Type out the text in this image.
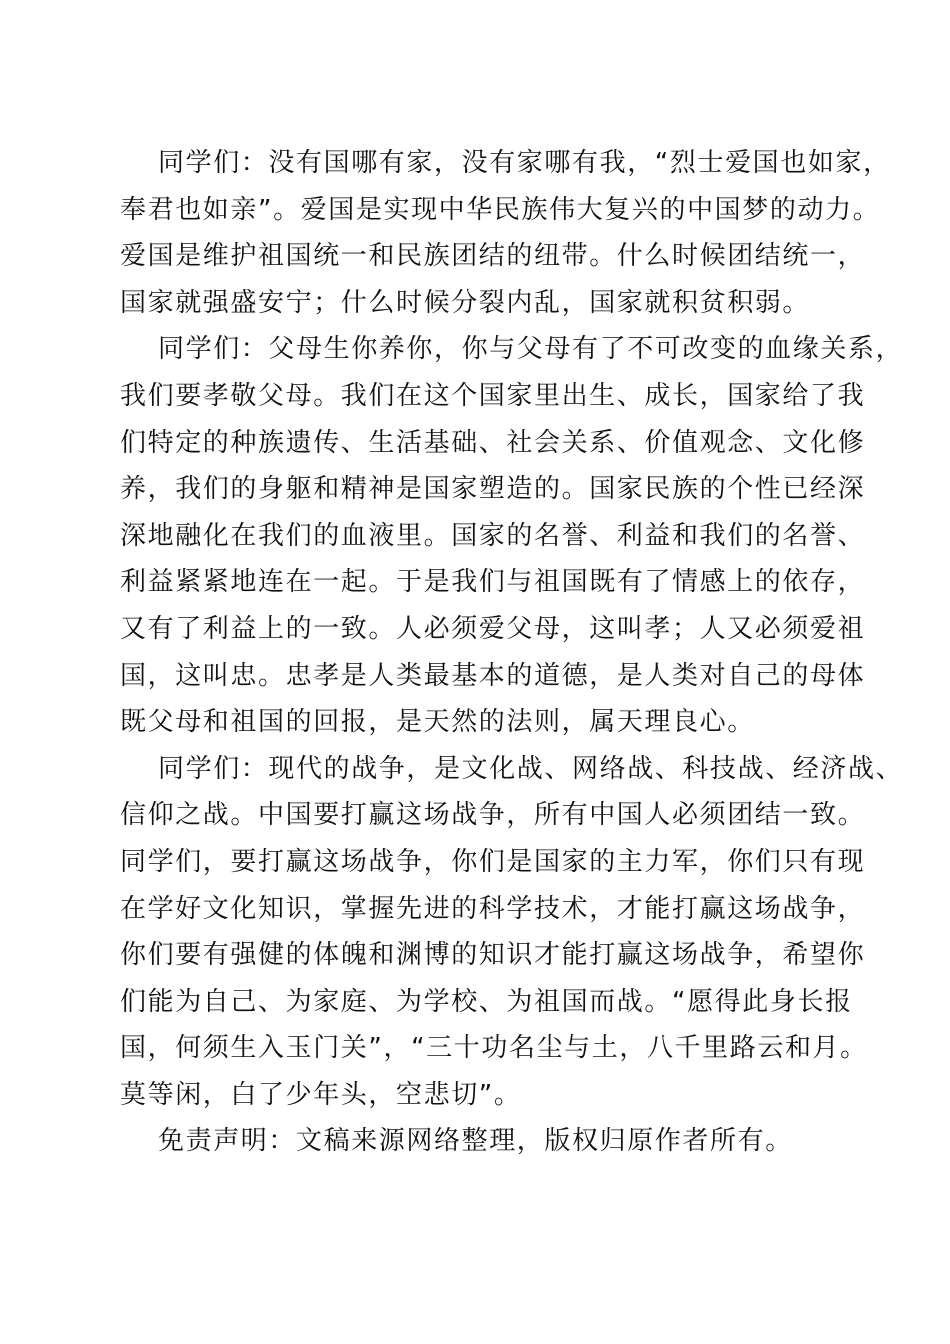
同学们：没有国哪有家，没有家哪有我，“烈士爱国也如家，
奉君也如亲”。爱国是实现中华民族伟大复兴的中国梦的动力。
爱国是维护祖国统一和民族团结的纽带。什么时候团结统一，
国家就强盛安宁；什么时候分裂内乱，国家就积贫积弱。
同学们：父母生你养你，你与父母有了不可改变的血缘关系，
我们要孝敬父母。我们在这个国家里出生、成长，国家给了我
们特定的种族遗传、生活基础、社会关系、价值观念、文化修
养，我们的身躯和精神是国家塑造的。国家民族的个性已经深
深地融化在我们的血液里。国家的名誉、利益和我们的名誉、
利益紧紧地连在一起。于是我们与祖国既有了情感上的依存，
又有了利益上的一致。人必须爱父母，这叫孝；人又必须爱祖
国，这叫忠。忠孝是人类最基本的道德，是人类对自己的母体
既父母和祖国的回报，是天然的法则，属天理良心。
同学们：现代的战争，是文化战、网络战、科技战、经济战、
信仰之战。中国要打赢这场战争，所有中国人必须团结一致。
同学们，要打赢这场战争，你们是国家的主力军，你们只有现
在学好文化知识，掌握先进的科学技术，才能打赢这场战争，
你们要有强健的体魄和渊博的知识才能打赢这场战争，希望你
们能为自己、为家庭、为学校、为祖国而战。“愿得此身长报
国，何须生入玉门关”，“三十功名尘与土，八千里路云和月。
莫等闲，白了少年头，空悲切”。
免责声明：文稿来源网络整理，版权归原作者所有。
